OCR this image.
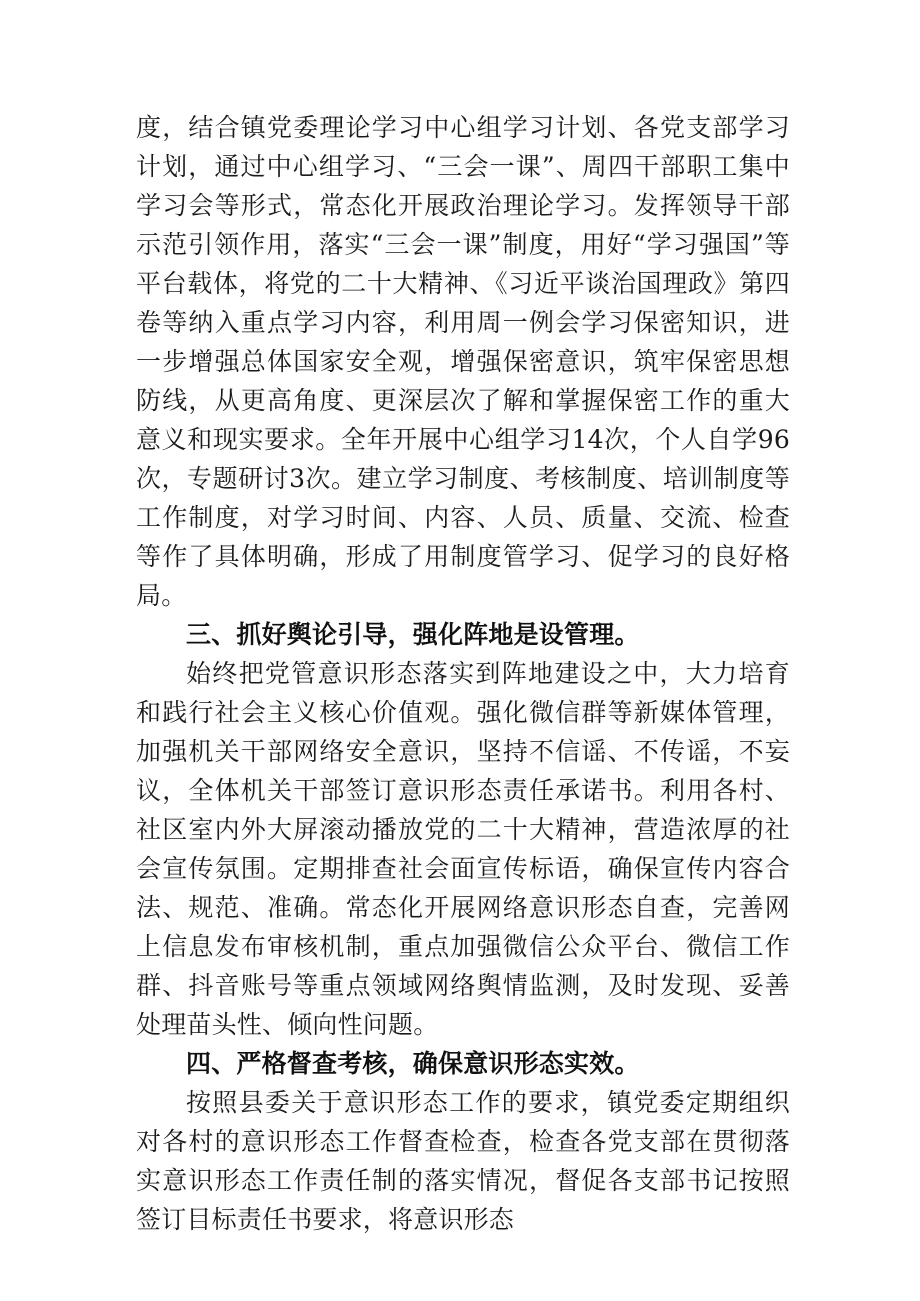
度，结合镇党委理论学习中心组学习计划、各党支部学习计划，通过中心组学习、“三会一课”、周四干部职工集中学习会等形式，常态化开展政治理论学习。发挥领导干部示范引领作用，落实“三会一课”制度，用好“学习强国”等平台载体，将党的二十大精神、《习近平谈治国理政》第四卷等纳入重点学习内容，利用周一例会学习保密知识，进一步增强总体国家安全观，增强保密意识，筑牢保密思想防线，从更高角度、更深层次了解和掌握保密工作的重大意义和现实要求。全年开展中心组学习14次，个人自学96次，专题研讨3次。建立学习制度、考核制度、培训制度等工作制度，对学习时间、内容、人员、质量、交流、检查等作了具体明确，形成了用制度管学习、促学习的良好格局。

三、抓好舆论引导，强化阵地是设管理。

始终把党管意识形态落实到阵地建设之中，大力培育和践行社会主义核心价值观。强化微信群等新媒体管理，加强机关干部网络安全意识，坚持不信谣、不传谣，不妄议，全体机关干部签订意识形态责任承诺书。利用各村、社区室内外大屏滚动播放党的二十大精神，营造浓厚的社会宣传氛围。定期排查社会面宣传标语，确保宣传内容合法、规范、准确。常态化开展网络意识形态自查，完善网上信息发布审核机制，重点加强微信公众平台、微信工作群、抖音账号等重点领域网络舆情监测，及时发现、妥善处理苗头性、倾向性问题。

四、严格督查考核，确保意识形态实效。

按照县委关于意识形态工作的要求，镇党委定期组织对各村的意识形态工作督查检查，检查各党支部在贯彻落实意识形态工作责任制的落实情况，督促各支部书记按照签订目标责任书要求，将意识形态
